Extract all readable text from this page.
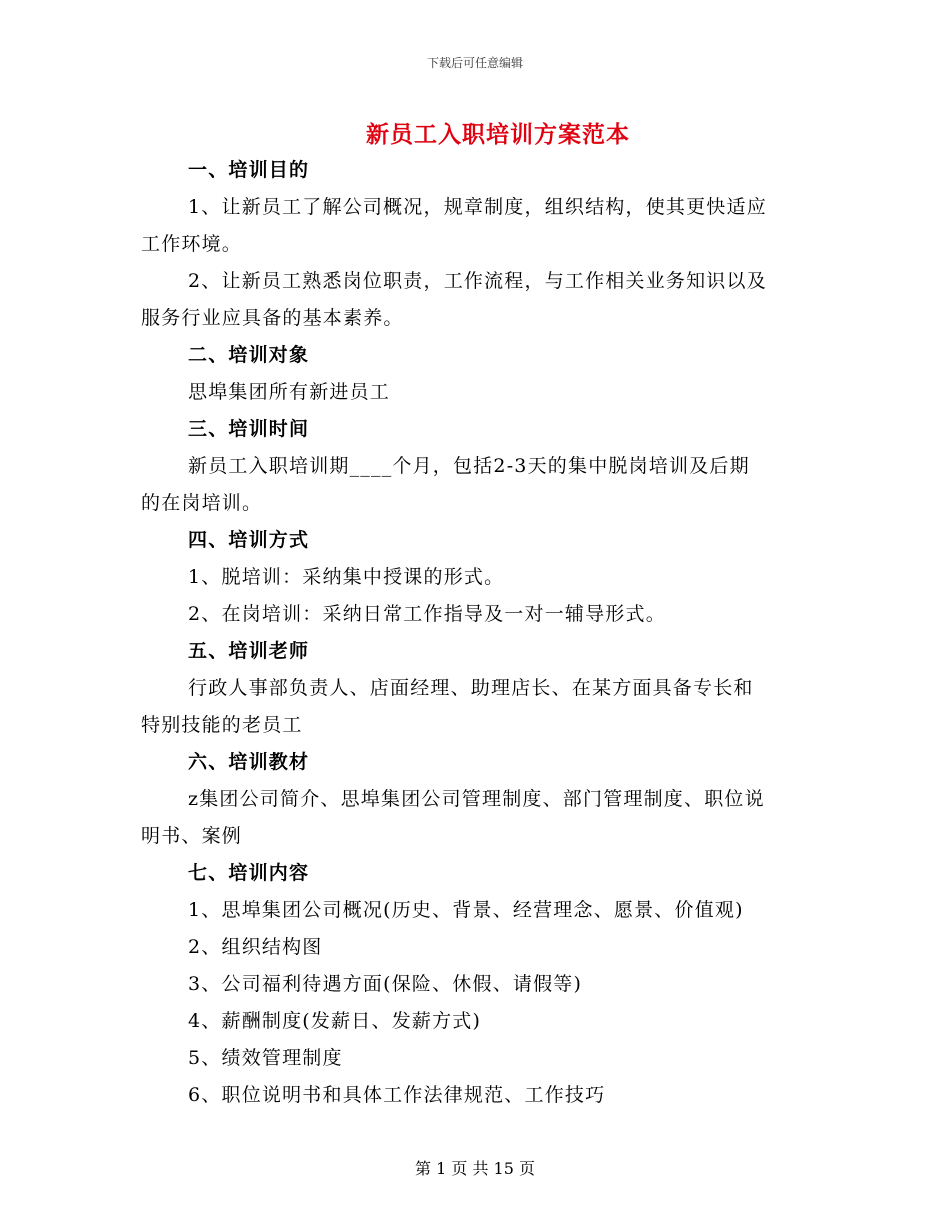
下载后可任意编辑
新员工入职培训方案范本
一、培训目的
1、让新员工了解公司概况，规章制度，组织结构，使其更快适应
工作环境。
2、让新员工熟悉岗位职责，工作流程，与工作相关业务知识以及
服务行业应具备的基本素养。
二、培训对象
思埠集团所有新进员工
三、培训时间
新员工入职培训期____个月，包括2-3天的集中脱岗培训及后期
的在岗培训。
四、培训方式
1、脱培训：采纳集中授课的形式。
2、在岗培训：采纳日常工作指导及一对一辅导形式。
五、培训老师
行政人事部负责人、店面经理、助理店长、在某方面具备专长和
特别技能的老员工
六、培训教材
z集团公司简介、思埠集团公司管理制度、部门管理制度、职位说
明书、案例
七、培训内容
1、思埠集团公司概况(历史、背景、经营理念、愿景、价值观)
2、组织结构图
3、公司福利待遇方面(保险、休假、请假等)
4、薪酬制度(发薪日、发薪方式)
5、绩效管理制度
6、职位说明书和具体工作法律规范、工作技巧
第 1 页 共 15 页
